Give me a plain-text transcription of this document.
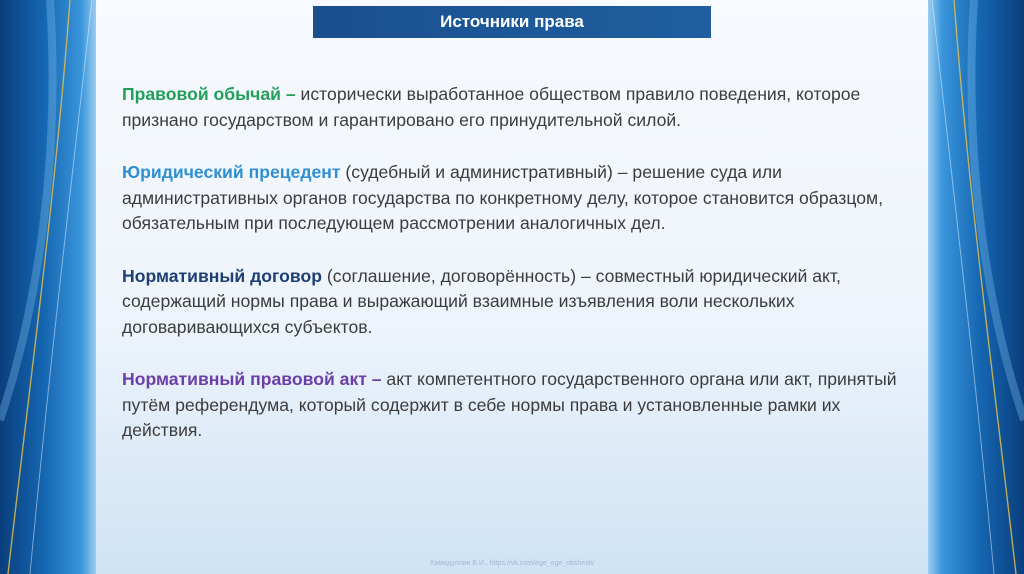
Источники права

Правовой обычай – исторически выработанное обществом правило поведения, которое признано государством и гарантировано его принудительной силой.

Юридический прецедент (судебный и административный) – решение суда или административных органов государства по конкретному делу, которое становится образцом, обязательным при последующем рассмотрении аналогичных дел.

Нормативный договор (соглашение, договорённость) – совместный юридический акт, содержащий нормы права и выражающий взаимные изъявления воли нескольких договаривающихся субъектов.

Нормативный правовой акт – акт компетентного государственного органа или акт, принятый путём референдума, который содержит в себе нормы права и установленные рамки их действия.

Хамидуллин Б.И., https://vk.com/ege_oge_obshestv
